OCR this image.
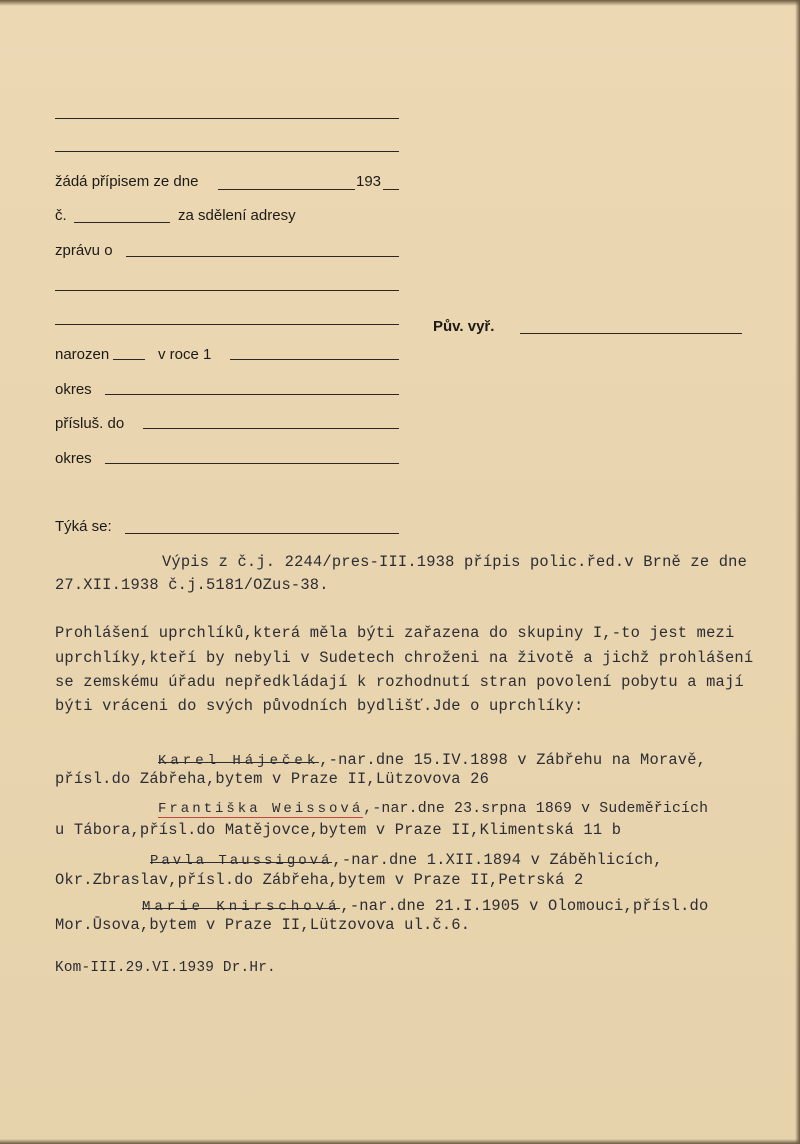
žádá přípisem ze dne	193
č.	za sdělení adresy
zprávu o
Pův. vyř.
narozen	v roce 1
okres
přísluš. do
okres
Týká se:
Výpis z č.j. 2244/pres-III.1938 přípis polic.řed.v Brně ze dne
27.XII.1938 č.j.5181/OZus-38.
Prohlášení uprchlíků,která měla býti zařazena do skupiny I,-to jest mezi
uprchlíky,kteří by nebyli v Sudetech chroženi na životě a jichž prohlášení
se zemskému úřadu nepředkládají k rozhodnutí stran povolení pobytu a mají
býti vráceni do svých původních bydlišť.Jde o uprchlíky:
Karel Háječek,-nar.dne 15.IV.1898 v Zábřehu na Moravě,
přísl.do Zábřeha,bytem v Praze II,Lützovova 26
Františka Weissová,-nar.dne 23.srpna 1869 v Sudeměřicích
u Tábora,přísl.do Matějovce,bytem v Praze II,Klimentská 11 b
Pavla Taussigová,-nar.dne 1.XII.1894 v Záběhlicích,
Okr.Zbraslav,přísl.do Zábřeha,bytem v Praze II,Petrská 2
Marie Knirschová,-nar.dne 21.I.1905 v Olomouci,přísl.do
Mor.Ūsova,bytem v Praze II,Lützovova ul.č.6.
Kom-III.29.VI.1939 Dr.Hr.
